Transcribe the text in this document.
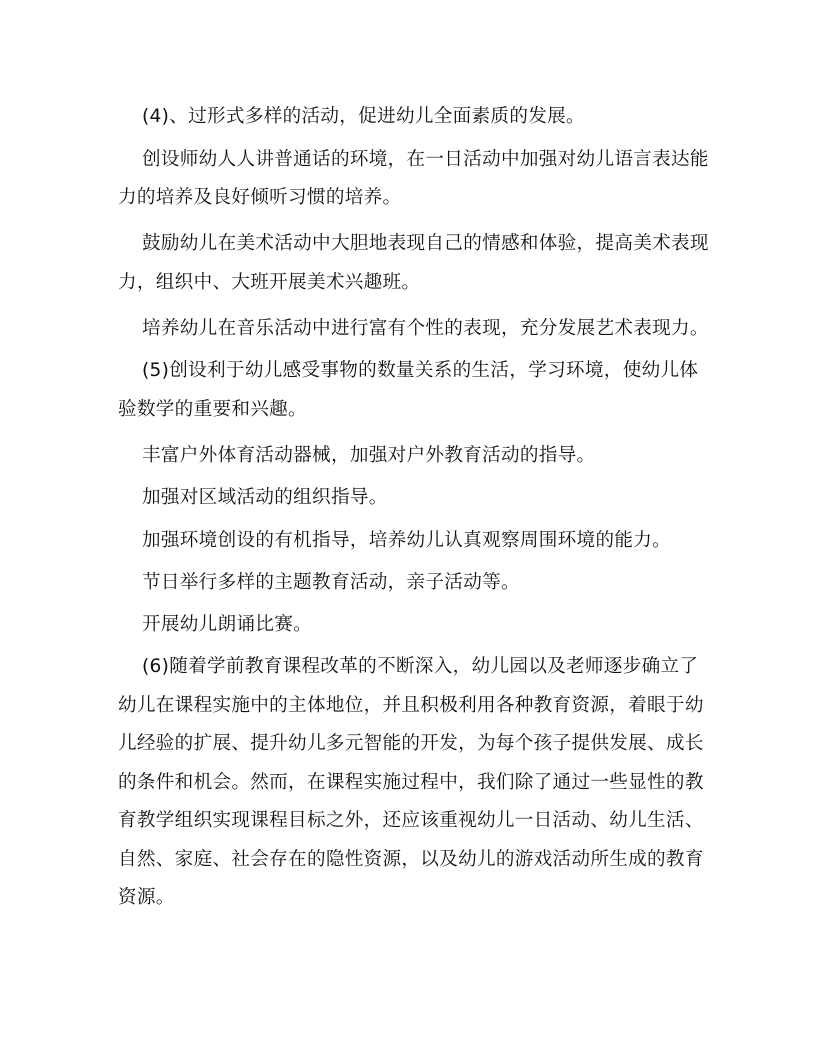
(4)、过形式多样的活动，促进幼儿全面素质的发展。

创设师幼人人讲普通话的环境，在一日活动中加强对幼儿语言表达能
力的培养及良好倾听习惯的培养。

鼓励幼儿在美术活动中大胆地表现自己的情感和体验，提高美术表现
力，组织中、大班开展美术兴趣班。

培养幼儿在音乐活动中进行富有个性的表现，充分发展艺术表现力。

(5)创设利于幼儿感受事物的数量关系的生活，学习环境，使幼儿体
验数学的重要和兴趣。

丰富户外体育活动器械，加强对户外教育活动的指导。

加强对区域活动的组织指导。

加强环境创设的有机指导，培养幼儿认真观察周围环境的能力。

节日举行多样的主题教育活动，亲子活动等。

开展幼儿朗诵比赛。

(6)随着学前教育课程改革的不断深入，幼儿园以及老师逐步确立了
幼儿在课程实施中的主体地位，并且积极利用各种教育资源，着眼于幼
儿经验的扩展、提升幼儿多元智能的开发，为每个孩子提供发展、成长
的条件和机会。然而，在课程实施过程中，我们除了通过一些显性的教
育教学组织实现课程目标之外，还应该重视幼儿一日活动、幼儿生活、
自然、家庭、社会存在的隐性资源，以及幼儿的游戏活动所生成的教育
资源。
